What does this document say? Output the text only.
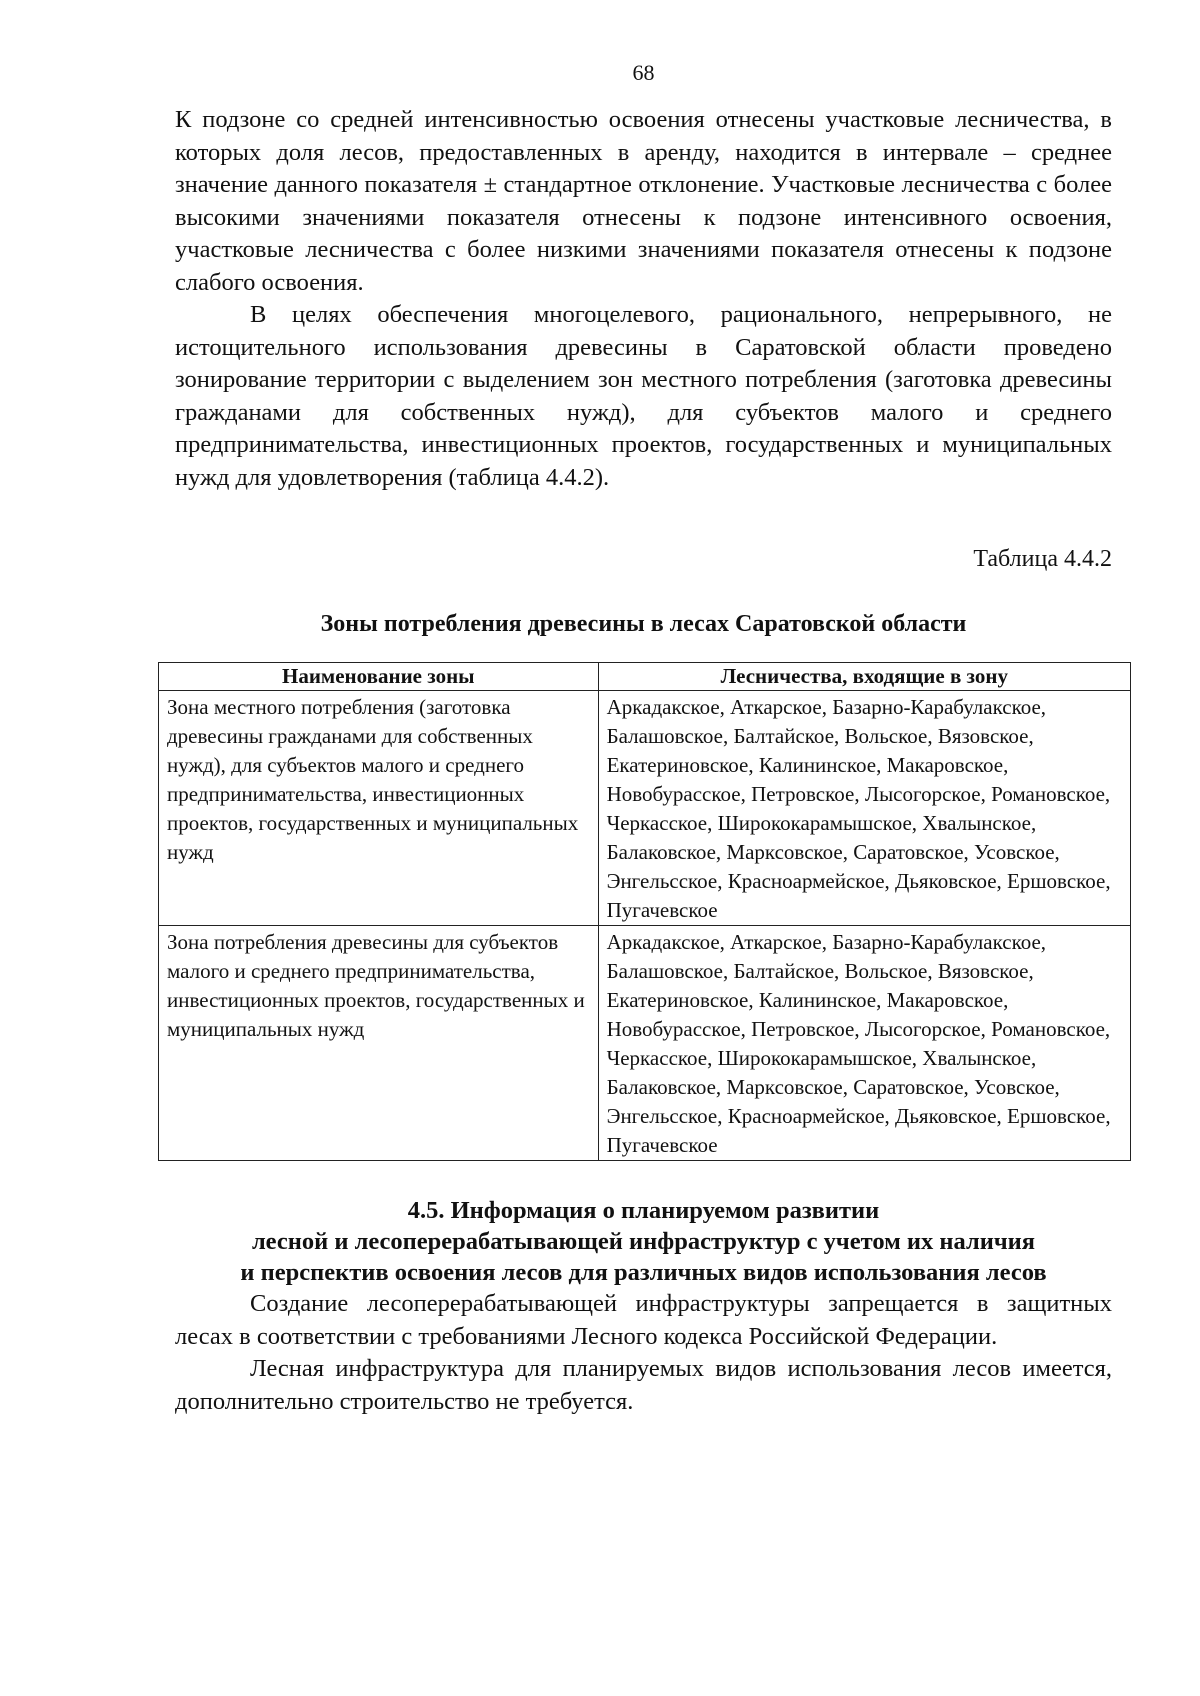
68

К подзоне со средней интенсивностью освоения отнесены участковые лесничества, в которых доля лесов, предоставленных в аренду, находится в интервале – среднее значение данного показателя ± стандартное отклонение. Участковые лесничества с более высокими значениями показателя отнесены к подзоне интенсивного освоения, участковые лесничества с более низкими значениями показателя отнесены к подзоне слабого освоения.

В целях обеспечения многоцелевого, рационального, непрерывного, не истощительного использования древесины в Саратовской области проведено зонирование территории с выделением зон местного потребления (заготовка древесины гражданами для собственных нужд), для субъектов малого и среднего предпринимательства, инвестиционных проектов, государственных и муниципальных нужд для удовлетворения (таблица 4.4.2).

Таблица 4.4.2
Зоны потребления древесины в лесах Саратовской области
Наименование зоны	Лесничества, входящие в зону
Зона местного потребления (заготовка древесины гражданами для собственных нужд), для субъектов малого и среднего предпринимательства, инвестиционных проектов, государственных и муниципальных нужд	Аркадакское, Аткарское, Базарно-Карабулакское, Балашовское, Балтайское, Вольское, Вязовское, Екатериновское, Калининское, Макаровское, Новобурасское, Петровское, Лысогорское, Романовское, Черкасское, Ширококарамышское, Хвалынское, Балаковское, Марксовское, Саратовское, Усовское, Энгельсское, Красноармейское, Дьяковское, Ершовское, Пугачевское
Зона потребления древесины для субъектов малого и среднего предпринимательства, инвестиционных проектов, государственных и муниципальных нужд	Аркадакское, Аткарское, Базарно-Карабулакское, Балашовское, Балтайское, Вольское, Вязовское, Екатериновское, Калининское, Макаровское, Новобурасское, Петровское, Лысогорское, Романовское, Черкасское, Ширококарамышское, Хвалынское, Балаковское, Марксовское, Саратовское, Усовское, Энгельсское, Красноармейское, Дьяковское, Ершовское, Пугачевское
4.5. Информация о планируемом развитии
лесной и лесоперерабатывающей инфраструктур с учетом их наличия
и перспектив освоения лесов для различных видов использования лесов

Создание лесоперерабатывающей инфраструктуры запрещается в защитных лесах в соответствии с требованиями Лесного кодекса Российской Федерации.

Лесная инфраструктура для планируемых видов использования лесов имеется, дополнительно строительство не требуется.
